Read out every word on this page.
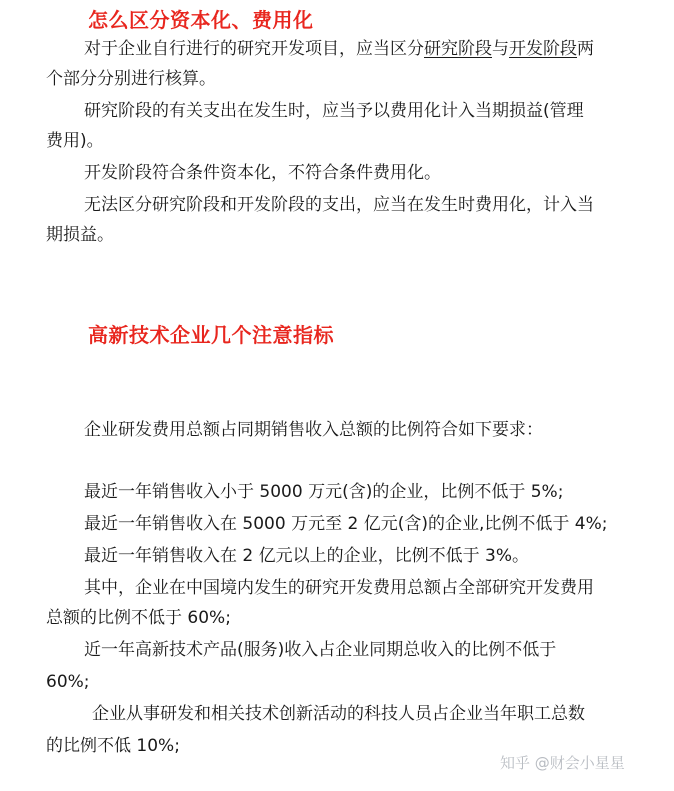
怎么区分资本化、费用化

对于企业自行进行的研究开发项目，应当区分研究阶段与开发阶段两

个部分分别进行核算。

研究阶段的有关支出在发生时，应当予以费用化计入当期损益(管理

费用)。

开发阶段符合条件资本化，不符合条件费用化。

无法区分研究阶段和开发阶段的支出，应当在发生时费用化，计入当

期损益。

高新技术企业几个注意指标

企业研发费用总额占同期销售收入总额的比例符合如下要求：

最近一年销售收入小于 5000 万元(含)的企业，比例不低于 5%;

最近一年销售收入在 5000 万元至 2 亿元(含)的企业,比例不低于 4%;

最近一年销售收入在 2 亿元以上的企业，比例不低于 3%。

其中，企业在中国境内发生的研究开发费用总额占全部研究开发费用

总额的比例不低于 60%;

近一年高新技术产品(服务)收入占企业同期总收入的比例不低于

60%;

企业从事研发和相关技术创新活动的科技人员占企业当年职工总数

的比例不低 10%;

知乎 @财会小星星
